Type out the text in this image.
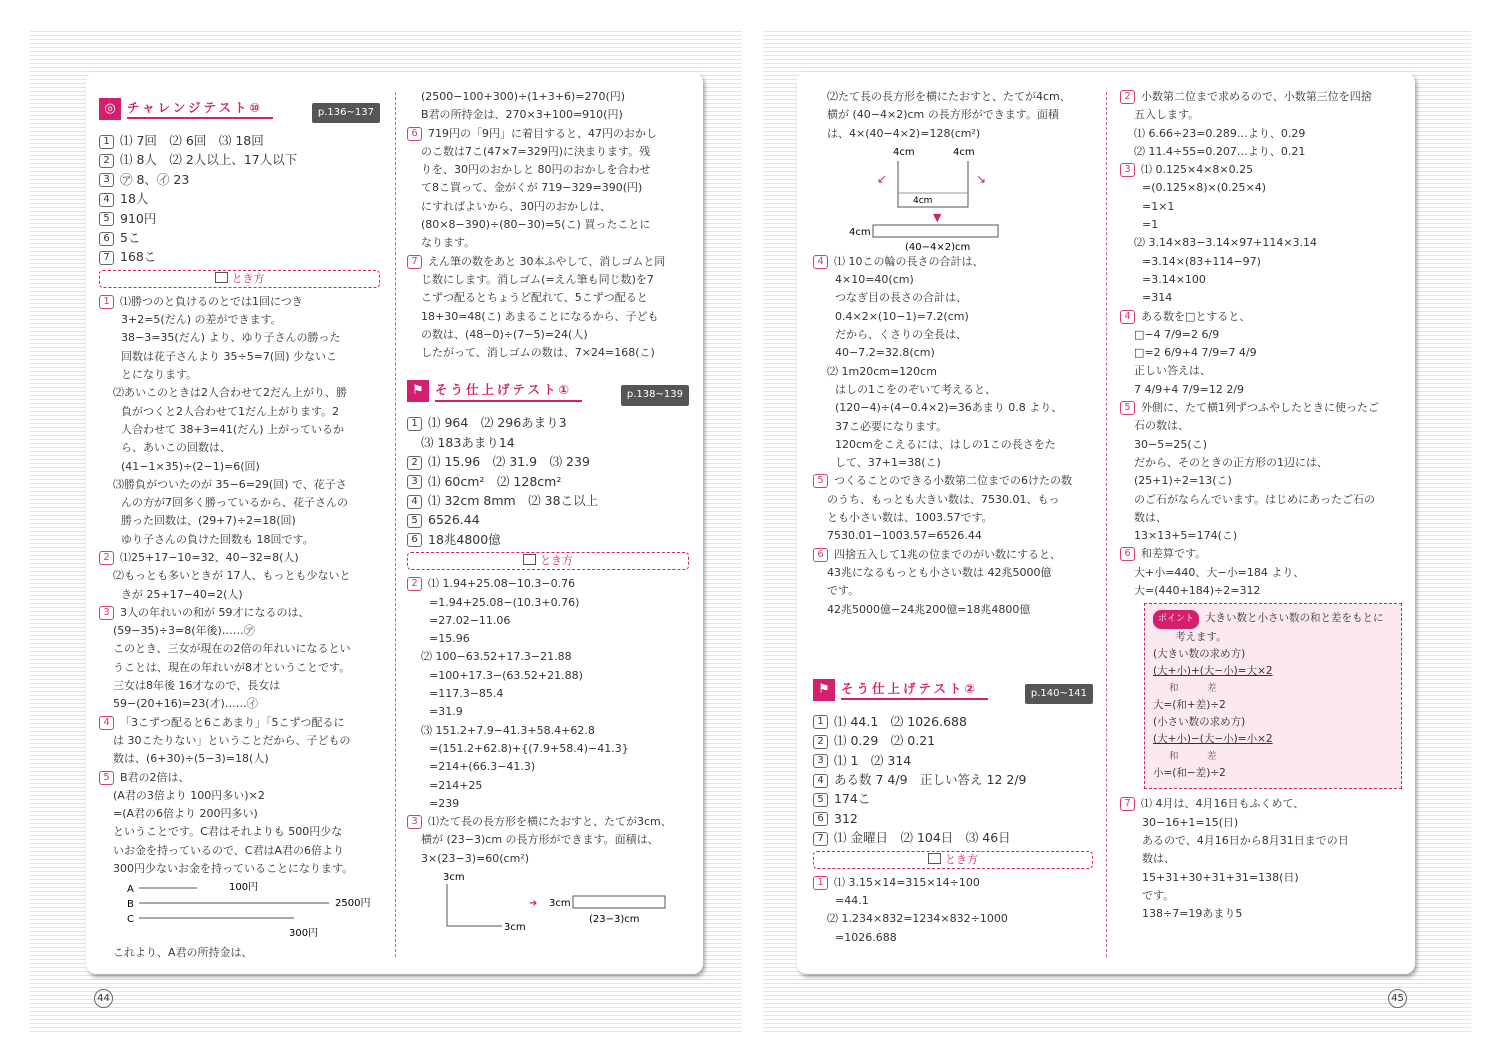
◎ チャレンジテスト⑩	p.136~137
1 ⑴ 7回　⑵ 6回　⑶ 18回
2 ⑴ 8人　⑵ 2人以上、17人以下
3 ㋐ 8、㋑ 23
4 18人
5 910円
6 5こ
7 168こ
とき方
1 ⑴勝つのと負けるのとでは1回につき
3+2=5(だん) の差ができます。
38−3=35(だん) より、ゆり子さんの勝った
回数は花子さんより 35÷5=7(回) 少ないこ
とになります。
⑵あいこのときは2人合わせて2だん上がり、勝
負がつくと2人合わせて1だん上がります。2
人合わせて 38+3=41(だん) 上がっているか
ら、あいこの回数は、
(41−1×35)÷(2−1)=6(回)
⑶勝負がついたのが 35−6=29(回) で、花子さ
んの方が7回多く勝っているから、花子さんの
勝った回数は、(29+7)÷2=18(回)
ゆり子さんの負けた回数も 18回です。
2 ⑴25+17−10=32、40−32=8(人)
⑵もっとも多いときが 17人、もっとも少ないと
きが 25+17−40=2(人)
3 3人の年れいの和が 59才になるのは、
(59−35)÷3=8(年後)……㋐
このとき、三女が現在の2倍の年れいになるとい
うことは、現在の年れいが8才ということです。
三女は8年後 16才なので、長女は
59−(20+16)=23(才)……㋑
4 「3こずつ配ると6こあまり」「5こずつ配るに
は 30こたりない」ということだから、子どもの
数は、(6+30)÷(5−3)=18(人)
5 B君の2倍は、
(A君の3倍より 100円多い)×2
=(A君の6倍より 200円多い)
ということです。C君はそれよりも 500円少な
いお金を持っているので、C君はA君の6倍より
300円少ないお金を持っていることになります。
A
B
C
100円
2500円
300円
これより、A君の所持金は、
(2500−100+300)÷(1+3+6)=270(円)
B君の所持金は、270×3+100=910(円)
6 719円の「9円」に着目すると、47円のおかし
のこ数は7こ(47×7=329円)に決まります。残
りを、30円のおかしと 80円のおかしを合わせ
て8こ買って、金がくが 719−329=390(円)
にすればよいから、30円のおかしは、
(80×8−390)÷(80−30)=5(こ) 買ったことに
なります。
7 えん筆の数をあと 30本ふやして、消しゴムと同
じ数にします。消しゴム(=えん筆も同じ数)を7
こずつ配るとちょうど配れて、5こずつ配ると
18+30=48(こ) あまることになるから、子ども
の数は、(48−0)÷(7−5)=24(人)
したがって、消しゴムの数は、7×24=168(こ)
⚑ そう仕上げテスト①	p.138~139
1 ⑴ 964　⑵ 296あまり3
⑶ 183あまり14
2 ⑴ 15.96　⑵ 31.9　⑶ 239
3 ⑴ 60cm²　⑵ 128cm²
4 ⑴ 32cm 8mm　⑵ 38こ以上
5 6526.44
6 18兆4800億
とき方
2 ⑴ 1.94+25.08−10.3−0.76
=1.94+25.08−(10.3+0.76)
=27.02−11.06
=15.96
⑵ 100−63.52+17.3−21.88
=100+17.3−(63.52+21.88)
=117.3−85.4
=31.9
⑶ 151.2+7.9−41.3+58.4+62.8
=(151.2+62.8)+{(7.9+58.4)−41.3}
=214+(66.3−41.3)
=214+25
=239
3 ⑴たて長の長方形を横にたおすと、たてが3cm、
横が (23−3)cm の長方形ができます。面積は、
3×(23−3)=60(cm²)
3cm
3cm
➜ 3cm
(23−3)cm
44
⑵たて長の長方形を横にたおすと、たてが4cm、
横が (40−4×2)cm の長方形ができます。面積
は、4×(40−4×2)=128(cm²)
4cm	4cm
4cm
↙	↘
▼
4cm
(40−4×2)cm
4 ⑴ 10この輪の長さの合計は、
4×10=40(cm)
つなぎ目の長さの合計は、
0.4×2×(10−1)=7.2(cm)
だから、くさりの全長は、
40−7.2=32.8(cm)
⑵ 1m20cm=120cm
はしの1こをのぞいて考えると、
(120−4)÷(4−0.4×2)=36あまり 0.8 より、
37こ必要になります。
120cmをこえるには、はしの1この長さをた
して、37+1=38(こ)
5 つくることのできる小数第二位までの6けたの数
のうち、もっとも大きい数は、7530.01、もっ
とも小さい数は、1003.57です。
7530.01−1003.57=6526.44
6 四捨五入して1兆の位までのがい数にすると、
43兆になるもっとも小さい数は 42兆5000億
です。
42兆5000億−24兆200億=18兆4800億
⚑ そう仕上げテスト②	p.140~141
1 ⑴ 44.1　⑵ 1026.688
2 ⑴ 0.29　⑵ 0.21
3 ⑴ 1　⑵ 314
4 ある数 7 4/9　正しい答え 12 2/9
5 174こ
6 312
7 ⑴ 金曜日　⑵ 104日　⑶ 46日
とき方
1 ⑴ 3.15×14=315×14÷100
=44.1
⑵ 1.234×832=1234×832÷1000
=1026.688
2 小数第二位まで求めるので、小数第三位を四捨
五入します。
⑴ 6.66÷23=0.289…より、0.29
⑵ 11.4÷55=0.207…より、0.21
3 ⑴ 0.125×4×8×0.25
=(0.125×8)×(0.25×4)
=1×1
=1
⑵ 3.14×83−3.14×97+114×3.14
=3.14×(83+114−97)
=3.14×100
=314
4 ある数を□とすると、
□−4 7/9=2 6/9
□=2 6/9+4 7/9=7 4/9
正しい答えは、
7 4/9+4 7/9=12 2/9
5 外側に、たて横1列ずつふやしたときに使ったご
石の数は、
30−5=25(こ)
だから、そのときの正方形の1辺には、
(25+1)÷2=13(こ)
のご石がならんでいます。はじめにあったご石の
数は、
13×13+5=174(こ)
6 和差算です。
大+小=440、大−小=184 より、
大=(440+184)÷2=312
ポイント 大きい数と小さい数の和と差をもとに
考えます。
(大きい数の求め方)
(大+小)+(大−小)=大×2
和　　　差
大=(和+差)÷2
(小さい数の求め方)
(大+小)−(大−小)=小×2
和　　　差
小=(和−差)÷2
7 ⑴ 4月は、4月16日もふくめて、
30−16+1=15(日)
あるので、4月16日から8月31日までの日
数は、
15+31+30+31+31=138(日)
です。
138÷7=19あまり5
45
